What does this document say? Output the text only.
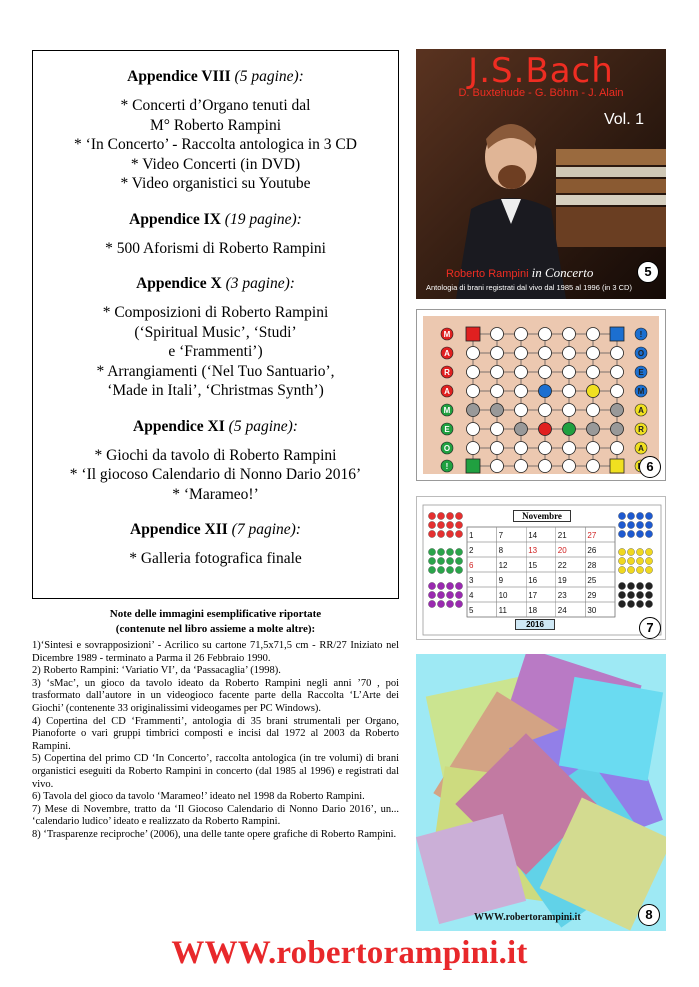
Appendice VIII (5 pagine):
* Concerti d’Organo tenuti dal
M° Roberto Rampini
* ‘In Concerto’ - Raccolta antologica in 3 CD
* Video Concerti (in DVD)
* Video organistici su Youtube
Appendice IX (19 pagine):
* 500 Aforismi di Roberto Rampini
Appendice X (3 pagine):
* Composizioni di Roberto Rampini
(‘Spiritual Music’, ‘Studi’
e ‘Frammenti’)
* Arrangiamenti (‘Nel Tuo Santuario’,
‘Made in Itali’, ‘Christmas Synth’)
Appendice XI (5 pagine):
* Giochi da tavolo di Roberto Rampini
* ‘Il giocoso Calendario di Nonno Dario 2016’
* ‘Marameo!’
Appendice XII (7 pagine):
* Galleria fotografica finale
Note delle immagini esemplificative riportate
(contenute nel libro assieme a molte altre):

1)‘Sintesi e sovrapposizioni’ - Acrilico su cartone 71,5x71,5 cm - RR/27 Iniziato nel Dicembre 1989 - terminato a Parma il 26 Febbraio 1990.

2) Roberto Rampini: ‘Variatio VI’, da ‘Passacaglia’ (1998).

3) ‘sMac’, un gioco da tavolo ideato da Roberto Rampini negli anni ’70 , poi trasformato dall’autore in un videogioco facente parte della Raccolta ‘L’Arte dei Giochi’ (contenente 33 originalissimi videogames per PC Windows).

4) Copertina del CD ‘Frammenti’, antologia di 35 brani strumentali per Organo, Pianoforte o vari gruppi timbrici composti e incisi dal 1972 al 2003 da Roberto Rampini.

5) Copertina del primo CD ‘In Concerto’, raccolta antologica (in tre volumi) di brani organistici eseguiti da Roberto Rampini in concerto (dal 1985 al 1996) e registrati dal vivo.

6) Tavola del gioco da tavolo ‘Marameo!’ ideato nel 1998 da Roberto Rampini.

7) Mese di Novembre, tratto da ‘Il Giocoso Calendario di Nonno Dario 2016’, un... ‘calendario ludico’ ideato e realizzato da Roberto Rampini.

8) ‘Trasparenze reciproche’ (2006), una delle tante opere grafiche di Roberto Rampini.

J.S.Bach
D. Buxtehude - G. Böhm - J. Alain
Vol. 1
Roberto Rampini in Concerto
Antologia di brani registrati dal vivo dal 1985 al 1996 (in 3 CD)
5
M	!
A	O
R	E
A	M
M	A
E	R
O	A
!	6
1	7	14	21	27
2	8	13	20	26
6	12	15	22	28
3	9	16	19	25
4	10	17	23	29
5	11	18	24	30
Novembre
2016	7
WWW.robertorampini.it	8
WWW.robertorampini.it
